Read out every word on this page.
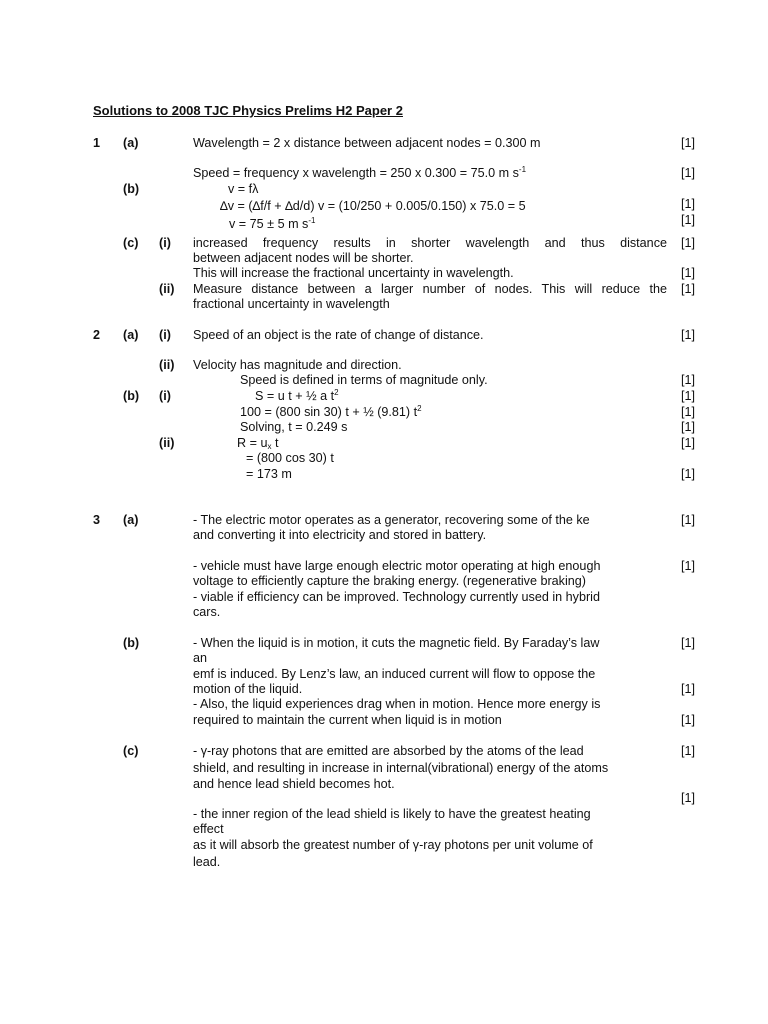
Solutions to 2008 TJC Physics Prelims H2 Paper 2
1 (a)	Wavelength = 2 x distance between adjacent nodes = 0.300 m	[1]
Speed = frequency x wavelength = 250 x 0.300 = 75.0 m $s^{-1}$	[1]
(b)	v = fλ
∆v = (∆f/f + ∆d/d) v = (10/250 + 0.005/0.150) x 75.0 = 5	[1]
v = 75 ± 5 m $s^{-1}$	[1]
(c) (i) increased frequency results in shorter wavelength and thus distance [1]
between adjacent nodes will be shorter.
This will increase the fractional uncertainty in wavelength.	[1]
(ii) Measure distance between a larger number of nodes. This will reduce the [1]
fractional uncertainty in wavelength
2 (a) (i) Speed of an object is the rate of change of distance.	[1]
(ii) Velocity has magnitude and direction.
Speed is defined in terms of magnitude only.	[1]
(b) (i)	S = u t + ½ a $t^2$	[1]
100 = (800 sin 30) t + ½ (9.81) $t^2$	[1]
Solving, t = 0.249 s	[1]
(ii)	$R = u_x$ t	[1]
= (800 cos 30) t
= 173 m	[1]
3 (a)	- The electric motor operates as a generator, recovering some of the ke	[1]
and converting it into electricity and stored in battery.
- vehicle must have large enough electric motor operating at high enough	[1]
voltage to efficiently capture the braking energy. (regenerative braking)
- viable if efficiency can be improved. Technology currently used in hybrid
cars.
(b)	- When the liquid is in motion, it cuts the magnetic field. By Faraday’s law	[1]
an
emf is induced. By Lenz’s law, an induced current will flow to oppose the
motion of the liquid.	[1]
- Also, the liquid experiences drag when in motion. Hence more energy is
required to maintain the current when liquid is in motion	[1]
(c)	- γ-ray photons that are emitted are absorbed by the atoms of the lead	[1]
shield, and resulting in increase in internal(vibrational) energy of the atoms
and hence lead shield becomes hot.
[1]
- the inner region of the lead shield is likely to have the greatest heating
effect
as it will absorb the greatest number of γ-ray photons per unit volume of
lead.
